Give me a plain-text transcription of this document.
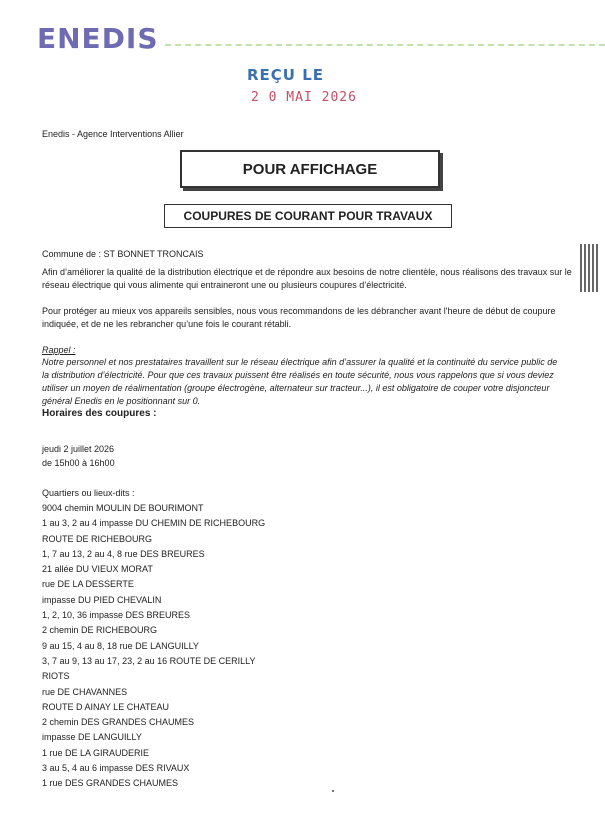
ENEDIS
REÇU LE
2 0 MAI 2026
Enedis - Agence Interventions Allier
POUR AFFICHAGE
COUPURES DE COURANT POUR TRAVAUX
Commune de : ST BONNET TRONCAIS
Afin d’améliorer la qualité de la distribution électrique et de répondre aux besoins de notre clientèle, nous réalisons des travaux sur le réseau électrique qui vous alimente qui entraineront une ou plusieurs coupures d’électricité.
Pour protéger au mieux vos appareils sensibles, nous vous recommandons de les débrancher avant l'heure de début de coupure indiquée, et de ne les rebrancher qu’une fois le courant rétabli.
Rappel :
Notre personnel et nos prestataires travaillent sur le réseau électrique afin d’assurer la qualité et la continuité du service public de la distribution d’électricité. Pour que ces travaux puissent être réalisés en toute sécurité, nous vous rappelons que si vous deviez utiliser un moyen de réalimentation (groupe électrogène, alternateur sur tracteur...), il est obligatoire de couper votre disjoncteur général Enedis en le positionnant sur 0.
Horaires des coupures :
jeudi 2 juillet 2026
de 15h00 à 16h00
Quartiers ou lieux-dits :
9004 chemin MOULIN DE BOURIMONT
1 au 3, 2 au 4 impasse DU CHEMIN DE RICHEBOURG
ROUTE DE RICHEBOURG
1, 7 au 13, 2 au 4, 8 rue DES BREURES
21 allée DU VIEUX MORAT
rue DE LA DESSERTE
impasse DU PIED CHEVALIN
1, 2, 10, 36 impasse DES BREURES
2 chemin DE RICHEBOURG
9 au 15, 4 au 8, 18 rue DE LANGUILLY
3, 7 au 9, 13 au 17, 23, 2 au 16 ROUTE DE CERILLY
RIOTS
rue DE CHAVANNES
ROUTE D AINAY LE CHATEAU
2 chemin DES GRANDES CHAUMES
impasse DE LANGUILLY
1 rue DE LA GIRAUDERIE
3 au 5, 4 au 6 impasse DES RIVAUX
1 rue DES GRANDES CHAUMES
